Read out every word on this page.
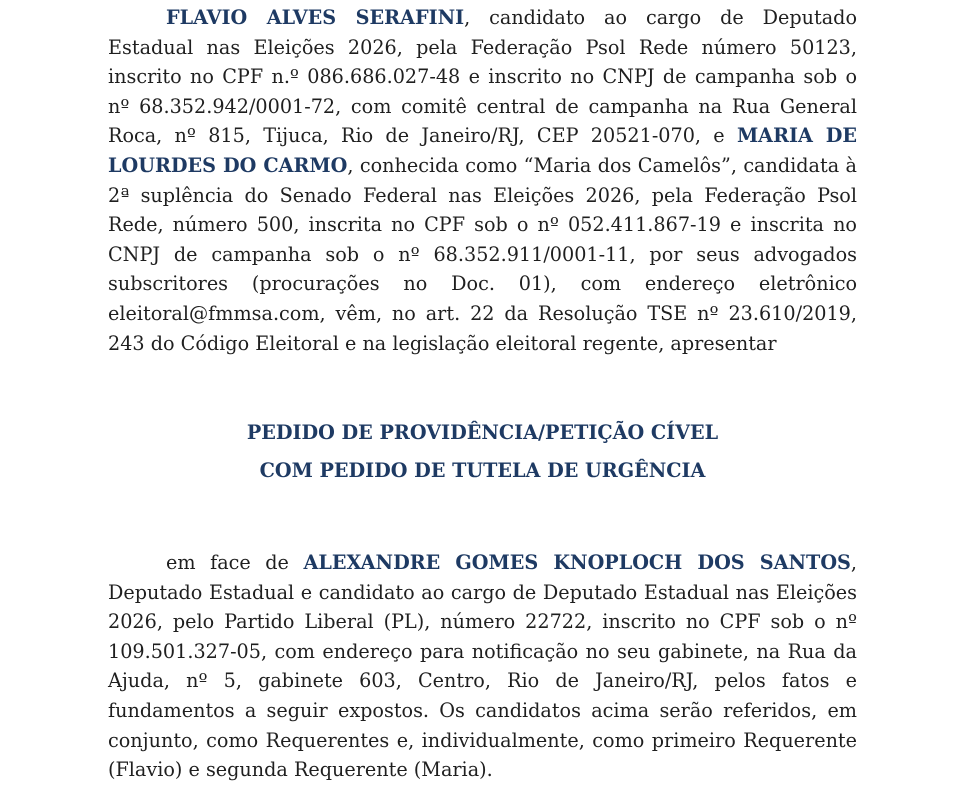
FLAVIO ALVES SERAFINI, candidato ao cargo de Deputado Estadual nas Eleições 2026, pela Federação Psol Rede número 50123, inscrito no CPF n.º 086.686.027-48 e inscrito no CNPJ de campanha sob o nº 68.352.942/0001-72, com comitê central de campanha na Rua General Roca, nº 815, Tijuca, Rio de Janeiro/RJ, CEP 20521-070, e MARIA DE LOURDES DO CARMO, conhecida como “Maria dos Camelôs”, candidata à 2ª suplência do Senado Federal nas Eleições 2026, pela Federação Psol Rede, número 500, inscrita no CPF sob o nº 052.411.867-19 e inscrita no CNPJ de campanha sob o nº 68.352.911/0001-11, por seus advogados subscritores (procurações no Doc. 01), com endereço eletrônico eleitoral@fmmsa.com, vêm, no art. 22 da Resolução TSE nº 23.610/2019, 243 do Código Eleitoral e na legislação eleitoral regente, apresentar

PEDIDO DE PROVIDÊNCIA/PETIÇÃO CÍVEL

COM PEDIDO DE TUTELA DE URGÊNCIA

em face de ALEXANDRE GOMES KNOPLOCH DOS SANTOS, Deputado Estadual e candidato ao cargo de Deputado Estadual nas Eleições 2026, pelo Partido Liberal (PL), número 22722, inscrito no CPF sob o nº 109.501.327-05, com endereço para notificação no seu gabinete, na Rua da Ajuda, nº 5, gabinete 603, Centro, Rio de Janeiro/RJ, pelos fatos e fundamentos a seguir expostos. Os candidatos acima serão referidos, em conjunto, como Requerentes e, individualmente, como primeiro Requerente (Flavio) e segunda Requerente (Maria).
